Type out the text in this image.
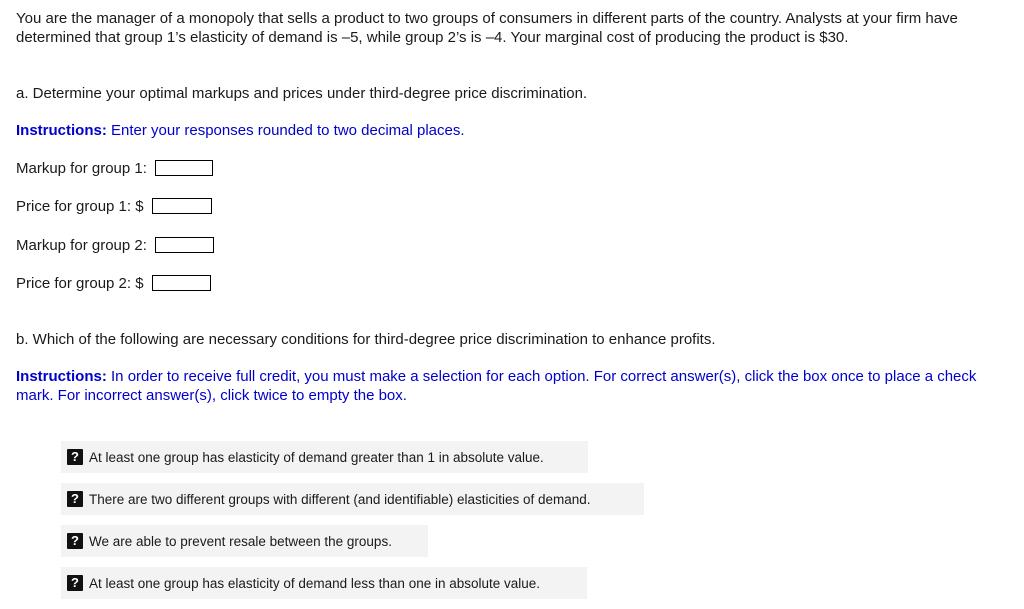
You are the manager of a monopoly that sells a product to two groups of consumers in different parts of the country. Analysts at your firm have determined that group 1’s elasticity of demand is –5, while group 2’s is –4. Your marginal cost of producing the product is $30.
a. Determine your optimal markups and prices under third-degree price discrimination.
Instructions: Enter your responses rounded to two decimal places.
Markup for group 1:
Price for group 1: $
Markup for group 2:
Price for group 2: $
b. Which of the following are necessary conditions for third-degree price discrimination to enhance profits.
Instructions: In order to receive full credit, you must make a selection for each option. For correct answer(s), click the box once to place a check mark. For incorrect answer(s), click twice to empty the box.
? At least one group has elasticity of demand greater than 1 in absolute value.
? There are two different groups with different (and identifiable) elasticities of demand.
? We are able to prevent resale between the groups.
? At least one group has elasticity of demand less than one in absolute value.
